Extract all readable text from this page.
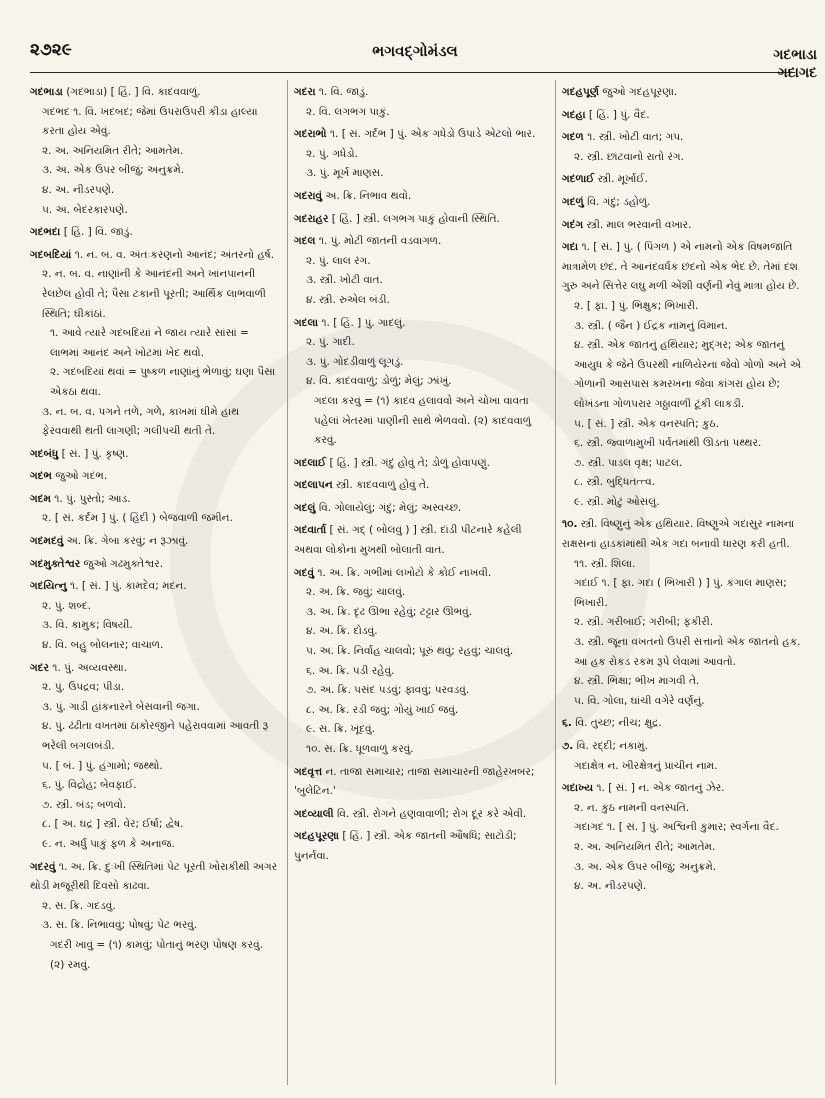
૨૭૨૯	ભગવદ્ગોમંડલ	ગદભાડા
ગદાગદ

ગદભાડા (ગદભાડા) [ હિં. ] વિ. કાદવવાળું.

ગદભદ ૧. વિ. ખદબદ; જેમાં ઉપરાઉપરી કીડા હાલ્યા કરતા હોય એવું.

૨. અ. અનિયમિત રીતે; આમતેમ.

૩. અ. એક ઉપર બીજું; અનુક્રમે.

૪. અ. નીડરપણે.

૫. અ. બેદરકારપણે.

ગદભદા [ હિં. ] વિ. જાડું.

ગદબદિયાં ૧. ન. બ. વ. અંતઃકરણનો આનંદ; અંતરનો હર્ષ.

૨. ન. બ. વ. નાણાંની કે આનંદની અને ખાનપાનની રેલછેલ હોવી તે; પૈસા ટકાની પૂરતી; આર્થિક લાભવાળી સ્થિતિ; ઘીકાંઠાં.

૧. આવે ત્યારે ગદબદિયાં ને જાય ત્યારે સાંસાં = લાભમાં આનંદ અને ખોટમાં ખેદ થવો.

૨. ગદબદિયાં થવાં = પુષ્કળ નાણાંનું ભેળાવું; ઘણા પૈસા એકઠા થવા.

૩. ન. બ. વ. પગને તળે, ગળે, કાખમાં ઘીમે હાથ ફેરવવાથી થતી લાગણી; ગલીપચી થતી તે.

ગદબંધુ [ સં. ] પું. કૃષ્ણ.

ગદભ જુઓ ગદભ.

ગદમ ૧. પું. પુસ્તો; આડ.

૨. [ સં. કર્દમ ] પું. ( હિંદી ) બેજવાળી જમીન.

ગદમદવું અ. ક્રિ. ગેબા કરવું; ન રૂઝાવું.

ગદમુક્તેશ્વર જુઓ ગઢમુક્તેશ્વર.

ગદયિત્નુ ૧. [ સં. ] પું. કામદેવ; મદન.

૨. પું. શબ્દ.

૩. વિ. કામુક; વિષયી.

૪. વિ. બહુ બોલનાર; વાચાળ.

ગદર ૧. પું. અવ્યવસ્થા.

૨. પું. ઉપદ્રવ; પીડા.

૩. પું. ગાડી હાંકનારને બેસવાની જગા.

૪. પું. ઢંઢીતા વખતમાં ઠાકોરજીને પહેરાવવામાં આવતી રૂ ભરેલી બગલબંડી.

૫. [ બં. ] પું. હંગામો; જથ્થો.

૬. પું. વિદ્રોહ; બેવફાઈ.

૭. સ્ત્રી. બંડ; બળવો.

૮. [ અ. ઘદ્ર ] સ્ત્રી. વેર; ઈર્ષા; દ્વેષ.

૯. ન. અર્ધું પાકું ફળ કે અનાજ.

ગદરવું ૧. અ. ક્રિ. દુઃખી સ્થિતિમાં પેટ પૂરતી ખોરાકીથી અગર થોડી મજૂરીથી દિવસો કાઢવા.

૨. સ. ક્રિ. ગદડવું.

૩. સ. ક્રિ. નિભાવવું; પોષવું; પેટ ભરવું.

ગદરી ખાવું = (૧) કામવું; પોતાનું ભરણ પોષણ કરવું. (૨) રમવું.

ગદરા ૧. વિ. જાડું.

૨. વિ. લગભગ પાકું.

ગદરાભો ૧. [ સં. ગર્દભ ] પું. એક ગધેડો ઉપાડે એટલો ભાર.

૨. પું. ગધેડો.

૩. પું. મૂર્ખ માણસ.

ગદરાવું અ. ક્રિ. નિભાવ થવો.

ગદરાહર [ હિં. ] સ્ત્રી. લગભગ પાકું હોવાની સ્થિતિ.

ગદલ ૧. પું. મોટી જાતની વડવાગળ.

૨. પું. લાલ રંગ.

૩. સ્ત્રી. ખોટી વાત.

૪. સ્ત્રી. રુએલ બંડી.

ગદલા ૧. [ હિં. ] પું. ગાદલું.

૨. પું. ગાદી.

૩. પું. ગોદડીવાળું લૂગડું.

૪. વિ. કાદવવાળું; ડોળું; મેલું; ઝાંખું.

ગદલા કરવું = (૧) કાદવ હલાવવો અને ચોખા વાવતા પહેલાં ખેતરમાં પાણીની સાથે ભેળવવો. (૨) કાદવવાળું કરવું.

ગદલાઈ [ હિં. ] સ્ત્રી. ગંદું હોવું તે; ડોળું હોવાપણું.

ગદલાપન સ્ત્રી. કાદવવાળું હોવું તે.

ગદલું વિ. ગોલાયેલું; ગંદું; મેલું; અસ્વચ્છ.

ગદવાર્તા [ સં. ગદ્ ( બોલવું ) ] સ્ત્રી. દાંડી પીટનારે કહેલી અથવા લોકોના મુખથી બોલાતી વાત.

ગદવું ૧. અ. ક્રિ. ગભીમાં લખોટો કે કોઈ નાખવી.

૨. અ. ક્રિ. જવું; ચાલવું.

૩. અ. ક્રિ. દૃઢ ઊભા રહેવું; ટટ્ટાર ઊભવું.

૪. અ. ક્રિ. દોડવું.

૫. અ. ક્રિ. નિર્વાહ ચાલવો; પૂરું થવું; રહવું; ચાલવું.

૬. અ. ક્રિ. પડી રહેવું.

૭. અ. ક્રિ. પસંદ પડવું; ફાવવું; પરવડવું.

૮. અ. ક્રિ. રડી જવું; ગોયું ખાઈ જવું.

૯. સ. ક્રિ. ખૂંદવું.

૧૦. સ. ક્રિ. ધૂળવાળું કરવું.

ગદવૃત્ત ન. તાજા સમાચાર; તાજા સમાચારની જાહેરખબર; 'બુલેટિન.'

ગદવ્યાલી વિ. સ્ત્રી. રોગને હણવાવાળી; રોગ દૂર કરે એવી.

ગદહપૂરણા [ હિં. ] સ્ત્રી. એક જાતની ઔષધિ; સાટોડી; પુનર્નવા.

ગદહપૂર્ણ જુઓ ગદહપૂરણા.

ગદહા [ હિં. ] પું. વૈદ.

ગદળ ૧. સ્ત્રી. ખોટી વાત; ગપ.

૨. સ્ત્રી. છાંટવાનો રાતો રંગ.

ગદળાઈ સ્ત્રી. મૂર્ખાઈ.

ગદળું વિ. ગંદું; ડહોળું.

ગદંગ સ્ત્રી. માલ ભરવાની વખાર.

ગદા ૧. [ સં. ] પું. ( પિંગળ ) એ નામનો એક વિષમજાતિ માત્રામેળ છંદ. તે આનંદવર્ધક છંદનો એક ભેદ છે. તેમાં દશ ગુરુ અને સિત્તેર લઘુ મળી એંશી વર્ણની નેવું માત્રા હોય છે.

૨. [ ફા. ] પું. ભિક્ષુક; ભિખારી.

૩. સ્ત્રી. ( જૈન ) ઈંદ્રક નામનું વિમાન.

૪. સ્ત્રી. એક જાતનું હથિયાર; મુદ્‌ગર; એક જાતનું આયુધ કે જેને ઉપરથી નાળિયેરના જેવો ગોળો અને એ ગોળાની આસપાસ કમરખના જેવા કાંગરા હોય છે; લોખંડના ગોળપરાર ગઠ્ઠાવાળી ટૂંકી લાકડી.

૫. [ સં. ] સ્ત્રી. એક વનસ્પતિ; કુઠ.

૬. સ્ત્રી. જ્વાળામુખી પર્વતમાંથી ઊડતા પથ્થર.

૭. સ્ત્રી. પાડલ વૃક્ષ; પાટલ.

૮. સ્ત્રી. બુદ્ધિતત્ત્વ.

૯. સ્ત્રી. મોટું ઓસલું.

૧૦. સ્ત્રી. વિષ્ણુનું એક હથિયાર. વિષ્ણુએ ગદાસુર નામના રાક્ષસનાં હાડકાંમાંથી એક ગદા બનાવી ધારણ કરી હતી.

૧૧. સ્ત્રી. શિલા.

ગદાઈ ૧. [ ફા. ગદા ( ભિખારી ) ] પું. કંગાલ માણસ; ભિખારી.

૨. સ્ત્રી. ગરીબાઈ; ગરીબી; ફકીરી.

૩. સ્ત્રી. જૂના વખતનો ઉપરી સત્તાનો એક જાતનો હક. આ હક રોકડ રકમ રૂપે લેવામાં આવતો.

૪. સ્ત્રી. ભિક્ષા; ભીખ માગવી તે.

૫. વિ. ગોલા, ઘાંચી વગેરે વર્ણનું.

૬. વિ. તુચ્છ; નીચ; ક્ષુદ્ર.

૭. વિ. રદ્દી; નકામું.

ગદાક્ષેત્ર ન. ખીરક્ષેત્રનું પ્રાચીન નામ.

ગદાખ્ય ૧. [ સં. ] ન. એક જાતનું ઝેર.

૨. ન. કુઠ નામની વનસ્પતિ.

ગદાગદ ૧. [ સં. ] પું. અશ્વિની કુમાર; સ્વર્ગના વૈદ.

૨. અ. અનિયમિત રીતે; આમતેમ.

૩. અ. એક ઉપર બીજું; અનુક્રમે.

૪. અ. નીડરપણે.
